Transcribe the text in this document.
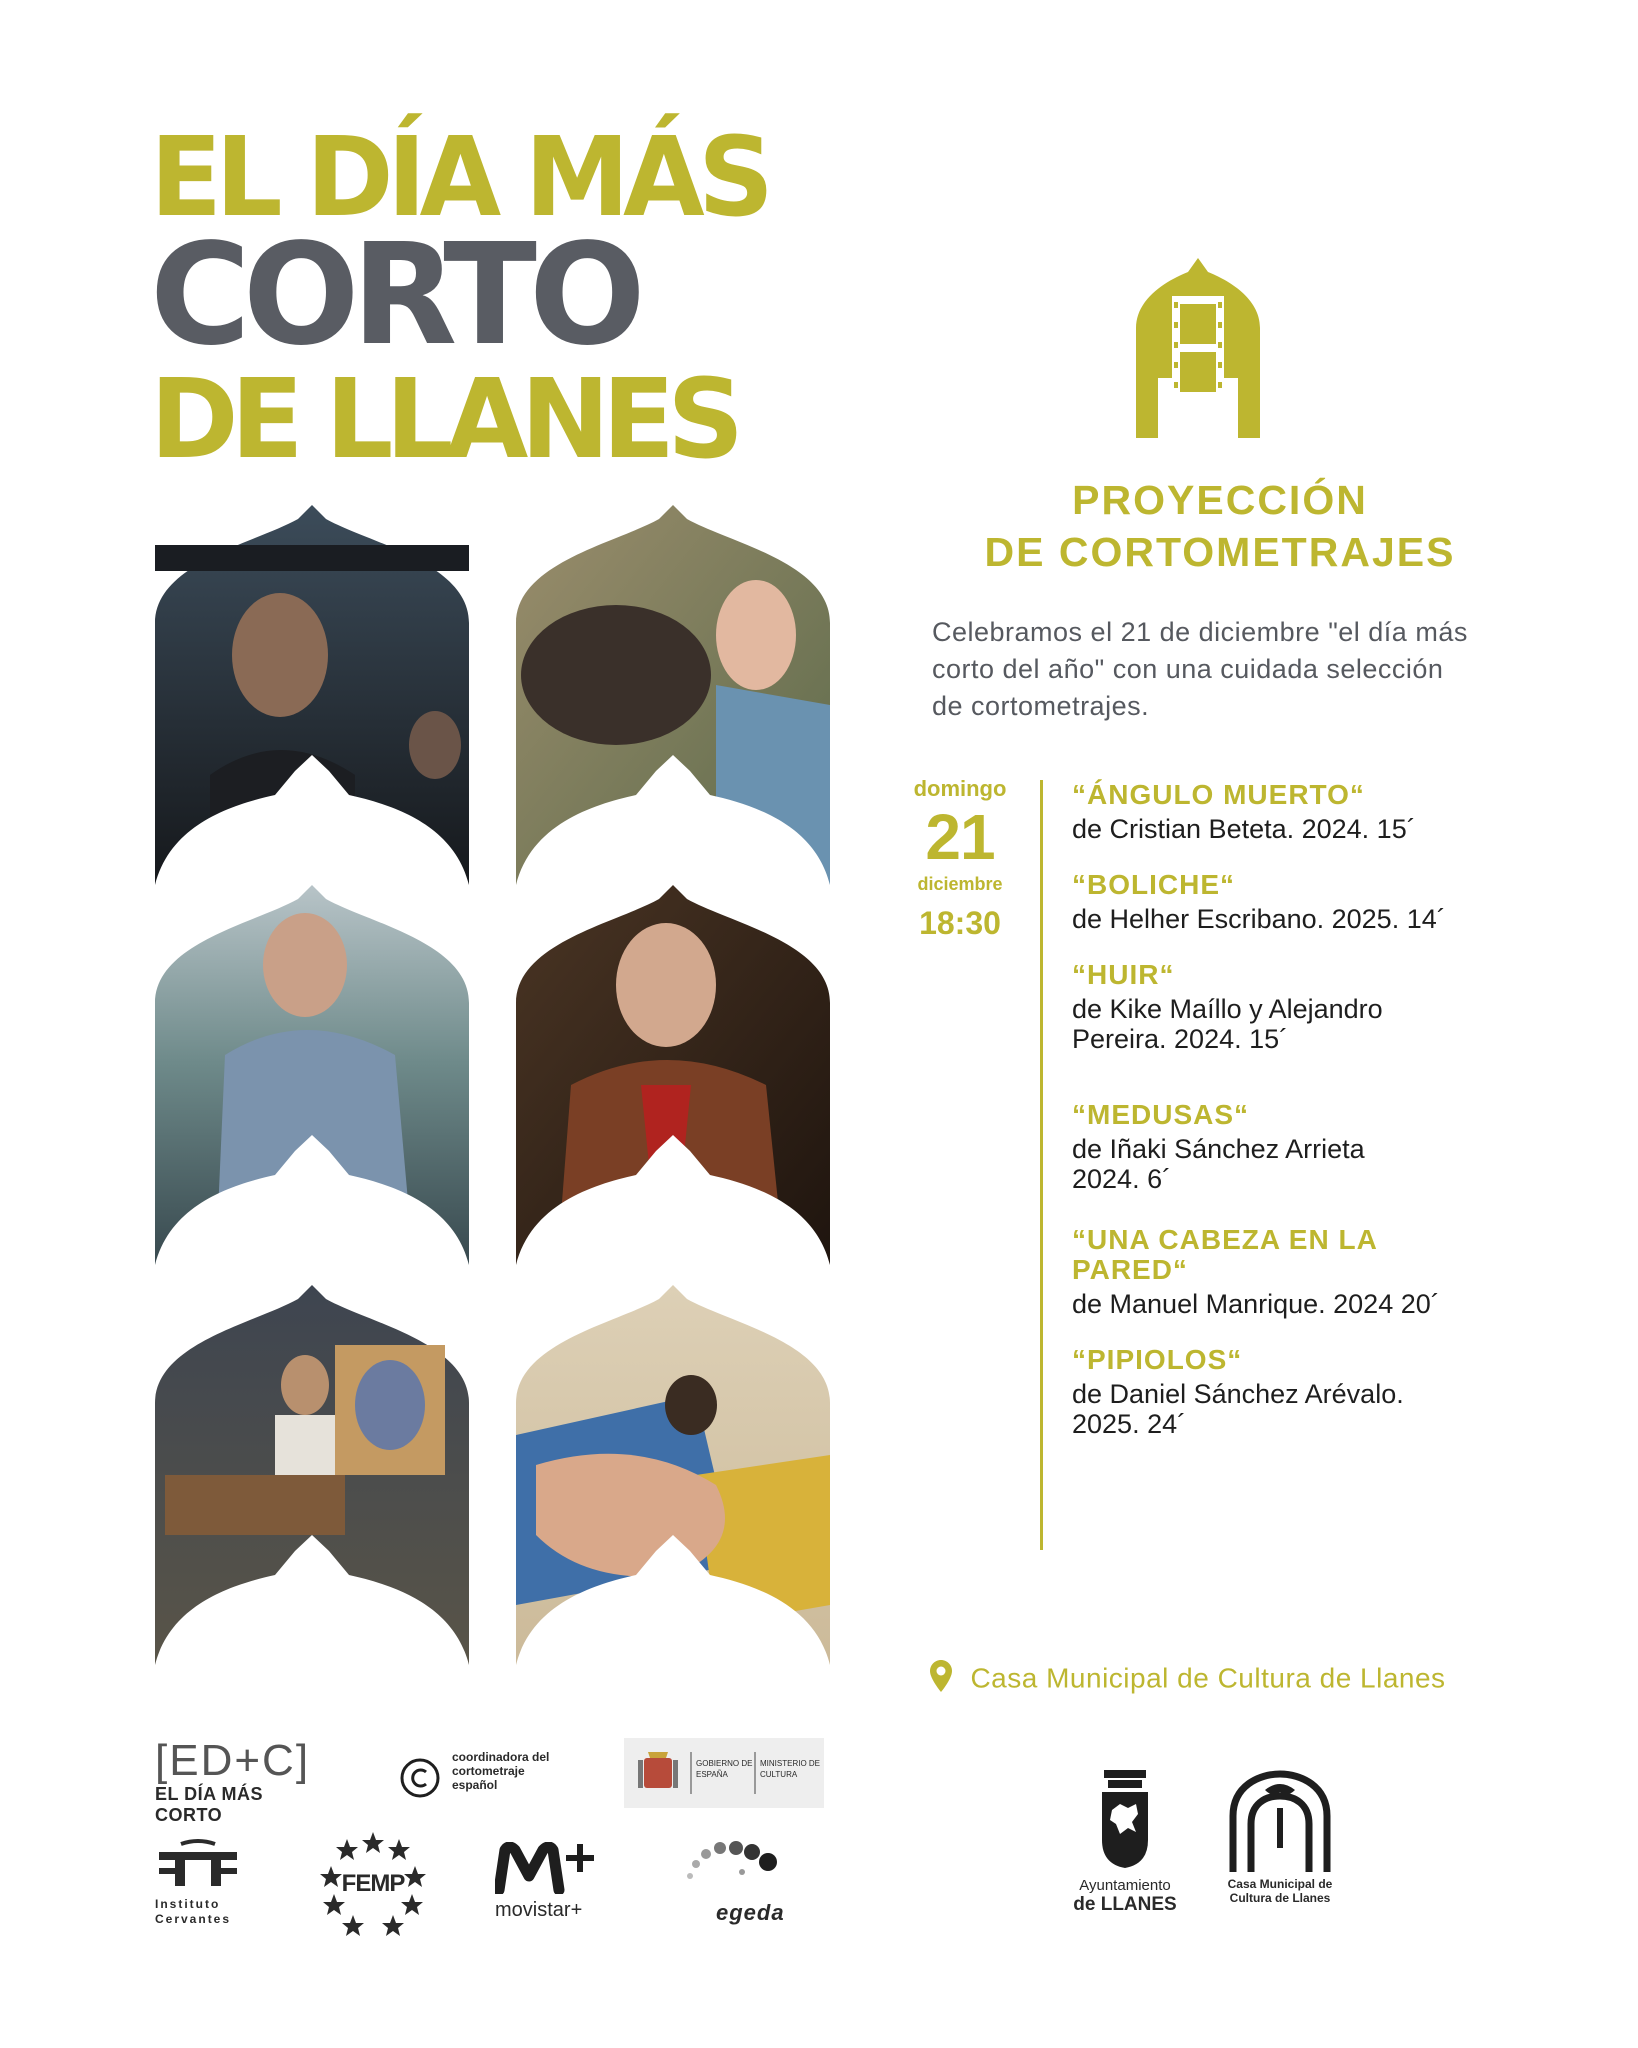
EL DÍA MÁS
CORTO
DE LLANES
PROYECCIÓN
DE CORTOMETRAJES

Celebramos el 21 de diciembre "el día más corto del año" con una cuidada selección de cortometrajes.

domingo
21
diciembre
18:30
“ÁNGULO MUERTO“
de Cristian Beteta. 2024. 15´
“BOLICHE“
de Helher Escribano. 2025. 14´
“HUIR“
de Kike Maíllo y Alejandro Pereira. 2024. 15´
“MEDUSAS“
de Iñaki Sánchez Arrieta 2024. 6´
“UNA CABEZA EN LA PARED“
de Manuel Manrique. 2024 20´
“PIPIOLOS“
de Daniel Sánchez Arévalo. 2025. 24´
Casa Municipal de Cultura de Llanes
[ED+C]
EL DÍA MÁS CORTO
coordinadora del cortometraje español
GOBIERNO DE ESPAÑA
MINISTERIO DE CULTURA
Instituto
Cervantes
FEMP
movistar+	egeda
Ayuntamiento
de LLANES
Casa Municipal de
Cultura de Llanes
